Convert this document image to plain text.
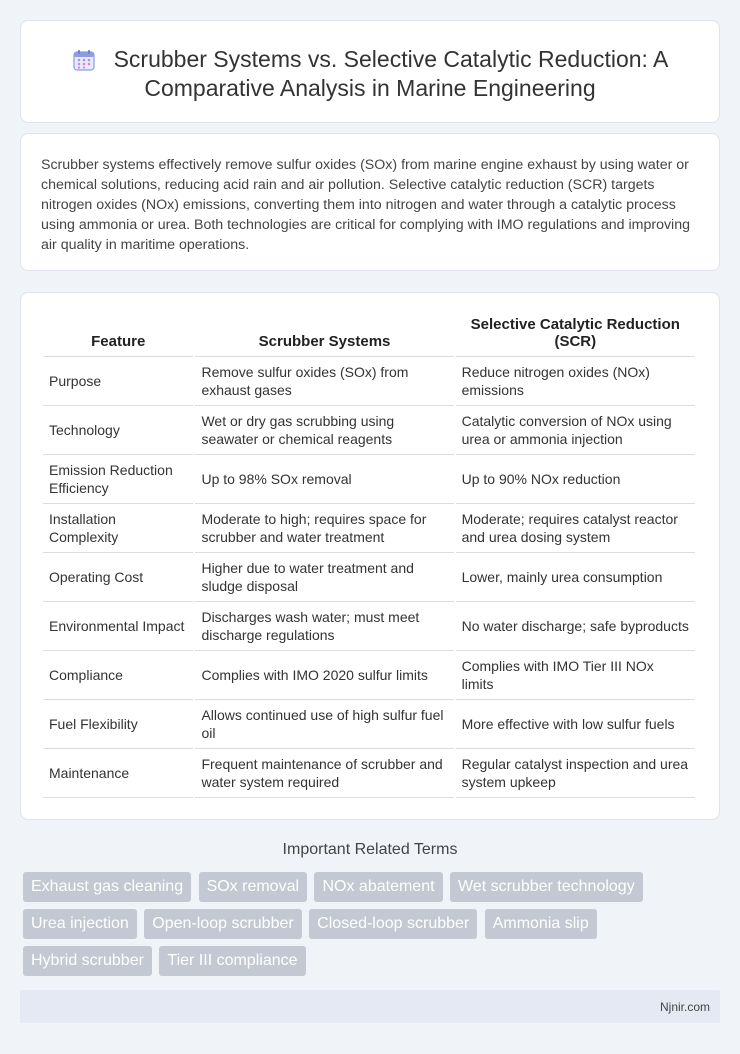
Scrubber Systems vs. Selective Catalytic Reduction: A Comparative Analysis in Marine Engineering

Scrubber systems effectively remove sulfur oxides (SOx) from marine engine exhaust by using water or chemical solutions, reducing acid rain and air pollution. Selective catalytic reduction (SCR) targets nitrogen oxides (NOx) emissions, converting them into nitrogen and water through a catalytic process using ammonia or urea. Both technologies are critical for complying with IMO regulations and improving air quality in maritime operations.

Feature	Scrubber Systems	Selective Catalytic Reduction (SCR)
Purpose	Remove sulfur oxides (SOx) from exhaust gases	Reduce nitrogen oxides (NOx) emissions
Technology	Wet or dry gas scrubbing using seawater or chemical reagents	Catalytic conversion of NOx using urea or ammonia injection
Emission Reduction Efficiency	Up to 98% SOx removal	Up to 90% NOx reduction
Installation Complexity	Moderate to high; requires space for scrubber and water treatment	Moderate; requires catalyst reactor and urea dosing system
Operating Cost	Higher due to water treatment and sludge disposal	Lower, mainly urea consumption
Environmental Impact	Discharges wash water; must meet discharge regulations	No water discharge; safe byproducts
Compliance	Complies with IMO 2020 sulfur limits	Complies with IMO Tier III NOx limits
Fuel Flexibility	Allows continued use of high sulfur fuel oil	More effective with low sulfur fuels
Maintenance	Frequent maintenance of scrubber and water system required	Regular catalyst inspection and urea system upkeep
Important Related Terms
Exhaust gas cleaning SOx removal NOx abatement Wet scrubber technology Urea injection Open-loop scrubber Closed-loop scrubber Ammonia slip Hybrid scrubber Tier III compliance
Njnir.com
